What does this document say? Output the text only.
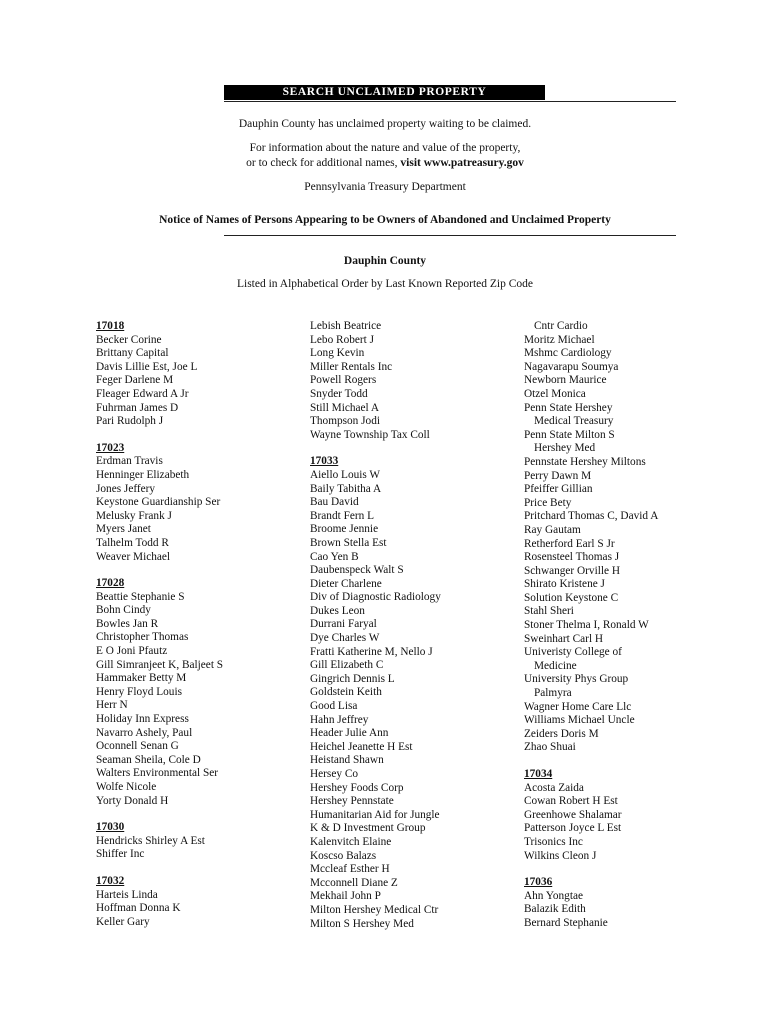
SEARCH UNCLAIMED PROPERTY
Dauphin County has unclaimed property waiting to be claimed.
For information about the nature and value of the property,
or to check for additional names, visit www.patreasury.gov
Pennsylvania Treasury Department
Notice of Names of Persons Appearing to be Owners of Abandoned and Unclaimed Property
Dauphin County
Listed in Alphabetical Order by Last Known Reported Zip Code
17018
Becker Corine
Brittany Capital
Davis Lillie Est, Joe L
Feger Darlene M
Fleager Edward A Jr
Fuhrman James D
Pari Rudolph J
17023
Erdman Travis
Henninger Elizabeth
Jones Jeffery
Keystone Guardianship Ser
Melusky Frank J
Myers Janet
Talhelm Todd R
Weaver Michael
17028
Beattie Stephanie S
Bohn Cindy
Bowles Jan R
Christopher Thomas
E O Joni Pfautz
Gill Simranjeet K, Baljeet S
Hammaker Betty M
Henry Floyd Louis
Herr N
Holiday Inn Express
Navarro Ashely, Paul
Oconnell Senan G
Seaman Sheila, Cole D
Walters Environmental Ser
Wolfe Nicole
Yorty Donald H
17030
Hendricks Shirley A Est
Shiffer Inc
17032
Harteis Linda
Hoffman Donna K
Keller Gary
Lebish Beatrice
Lebo Robert J
Long Kevin
Miller Rentals Inc
Powell Rogers
Snyder Todd
Still Michael A
Thompson Jodi
Wayne Township Tax Coll
17033
Aiello Louis W
Baily Tabitha A
Bau David
Brandt Fern L
Broome Jennie
Brown Stella Est
Cao Yen B
Daubenspeck Walt S
Dieter Charlene
Div of Diagnostic Radiology
Dukes Leon
Durrani Faryal
Dye Charles W
Fratti Katherine M, Nello J
Gill Elizabeth C
Gingrich Dennis L
Goldstein Keith
Good Lisa
Hahn Jeffrey
Header Julie Ann
Heichel Jeanette H Est
Heistand Shawn
Hersey Co
Hershey Foods Corp
Hershey Pennstate
Humanitarian Aid for Jungle
K & D Investment Group
Kalenvitch Elaine
Koscso Balazs
Mccleaf Esther H
Mcconnell Diane Z
Mekhail John P
Milton Hershey Medical Ctr
Milton S Hershey Med
Cntr Cardio
Moritz Michael
Mshmc Cardiology
Nagavarapu Soumya
Newborn Maurice
Otzel Monica
Penn State Hershey
Medical Treasury
Penn State Milton S
Hershey Med
Pennstate Hershey Miltons
Perry Dawn M
Pfeiffer Gillian
Price Bety
Pritchard Thomas C, David A
Ray Gautam
Retherford Earl S Jr
Rosensteel Thomas J
Schwanger Orville H
Shirato Kristene J
Solution Keystone C
Stahl Sheri
Stoner Thelma I, Ronald W
Sweinhart Carl H
Univeristy College of
Medicine
University Phys Group
Palmyra
Wagner Home Care Llc
Williams Michael Uncle
Zeiders Doris M
Zhao Shuai
17034
Acosta Zaida
Cowan Robert H Est
Greenhowe Shalamar
Patterson Joyce L Est
Trisonics Inc
Wilkins Cleon J
17036
Ahn Yongtae
Balazik Edith
Bernard Stephanie
